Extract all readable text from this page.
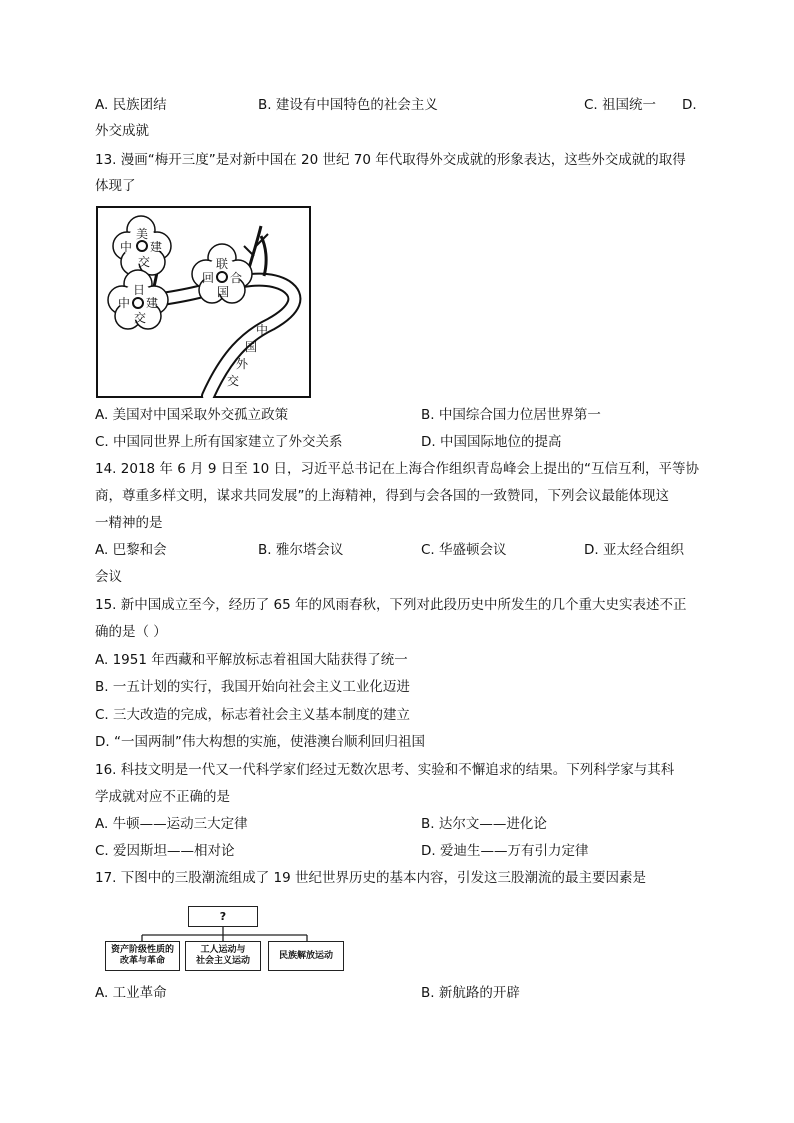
A. 民族团结	B. 建设有中国特色的社会主义	C. 祖国统一 D.
外交成就
13. 漫画“梅开三度”是对新中国在 20 世纪 70 年代取得外交成就的形象表达，这些外交成就的取得
体现了
美
中 建
交	联
回 合
国
日
中 建
交
中
国
外
交
A. 美国对中国采取外交孤立政策	B. 中国综合国力位居世界第一
C. 中国同世界上所有国家建立了外交关系	D. 中国国际地位的提高
14. 2018 年 6 月 9 日至 10 日，习近平总书记在上海合作组织青岛峰会上提出的“互信互利，平等协
商，尊重多样文明，谋求共同发展”的上海精神，得到与会各国的一致赞同，下列会议最能体现这
一精神的是
A. 巴黎和会	B. 雅尔塔会议	C. 华盛顿会议	D. 亚太经合组织
会议
15. 新中国成立至今，经历了 65 年的风雨春秋，下列对此段历史中所发生的几个重大史实表述不正
确的是（ ）
A. 1951 年西藏和平解放标志着祖国大陆获得了统一
B. 一五计划的实行，我国开始向社会主义工业化迈进
C. 三大改造的完成，标志着社会主义基本制度的建立
D. “一国两制”伟大构想的实施，使港澳台顺利回归祖国
16. 科技文明是一代又一代科学家们经过无数次思考、实验和不懈追求的结果。下列科学家与其科
学成就对应不正确的是
A. 牛顿——运动三大定律	B. 达尔文——进化论
C. 爱因斯坦——相对论	D. 爱迪生——万有引力定律
17. 下图中的三股潮流组成了 19 世纪世界历史的基本内容，引发这三股潮流的最主要因素是
?
资产阶级性质的
改革与革命
工人运动与
社会主义运动	民族解放运动
A. 工业革命	B. 新航路的开辟
